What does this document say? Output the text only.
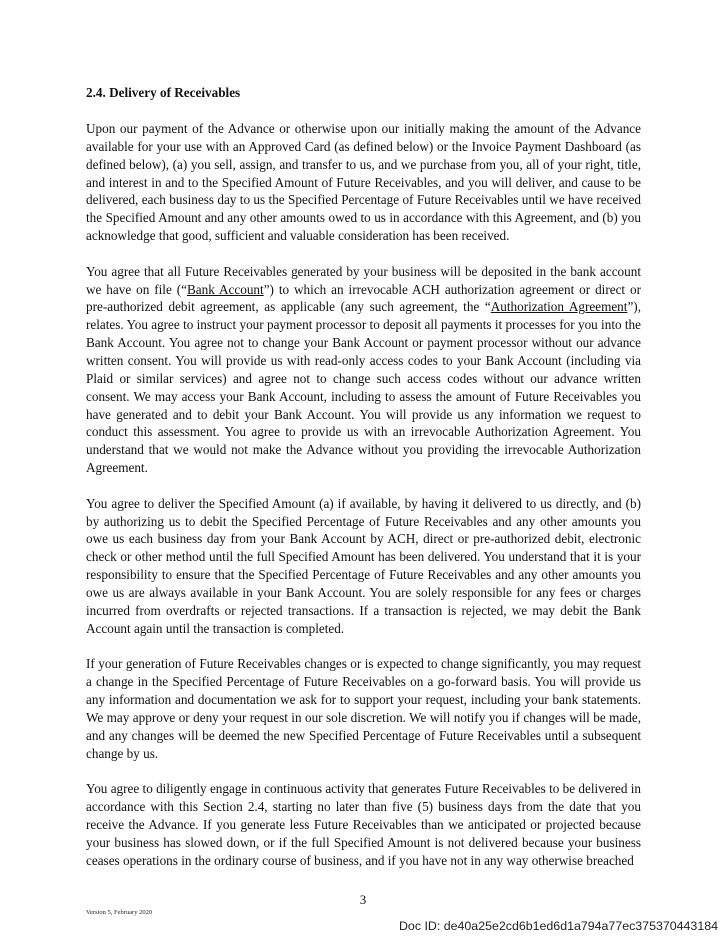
2.4. Delivery of Receivables

Upon our payment of the Advance or otherwise upon our initially making the amount of the Advance available for your use with an Approved Card (as defined below) or the Invoice Payment Dashboard (as defined below), (a) you sell, assign, and transfer to us, and we purchase from you, all of your right, title, and interest in and to the Specified Amount of Future Receivables, and you will deliver, and cause to be delivered, each business day to us the Specified Percentage of Future Receivables until we have received the Specified Amount and any other amounts owed to us in accordance with this Agreement, and (b) you acknowledge that good, sufficient and valuable consideration has been received.

You agree that all Future Receivables generated by your business will be deposited in the bank account we have on file (“Bank Account”) to which an irrevocable ACH authorization agreement or direct or pre-authorized debit agreement, as applicable (any such agreement, the “Authorization Agreement”), relates. You agree to instruct your payment processor to deposit all payments it processes for you into the Bank Account. You agree not to change your Bank Account or payment processor without our advance written consent. You will provide us with read-only access codes to your Bank Account (including via Plaid or similar services) and agree not to change such access codes without our advance written consent. We may access your Bank Account, including to assess the amount of Future Receivables you have generated and to debit your Bank Account. You will provide us any information we request to conduct this assessment. You agree to provide us with an irrevocable Authorization Agreement. You understand that we would not make the Advance without you providing the irrevocable Authorization Agreement.

You agree to deliver the Specified Amount (a) if available, by having it delivered to us directly, and (b) by authorizing us to debit the Specified Percentage of Future Receivables and any other amounts you owe us each business day from your Bank Account by ACH, direct or pre-authorized debit, electronic check or other method until the full Specified Amount has been delivered. You understand that it is your responsibility to ensure that the Specified Percentage of Future Receivables and any other amounts you owe us are always available in your Bank Account. You are solely responsible for any fees or charges incurred from overdrafts or rejected transactions. If a transaction is rejected, we may debit the Bank Account again until the transaction is completed.

If your generation of Future Receivables changes or is expected to change significantly, you may request a change in the Specified Percentage of Future Receivables on a go-forward basis. You will provide us any information and documentation we ask for to support your request, including your bank statements. We may approve or deny your request in our sole discretion. We will notify you if changes will be made, and any changes will be deemed the new Specified Percentage of Future Receivables until a subsequent change by us.

You agree to diligently engage in continuous activity that generates Future Receivables to be delivered in accordance with this Section 2.4, starting no later than five (5) business days from the date that you receive the Advance. If you generate less Future Receivables than we anticipated or projected because your business has slowed down, or if the full Specified Amount is not delivered because your business ceases operations in the ordinary course of business, and if you have not in any way otherwise breached

3
Version 5, February 2020
Doc ID: de40a25e2cd6b1ed6d1a794a77ec375370443184
